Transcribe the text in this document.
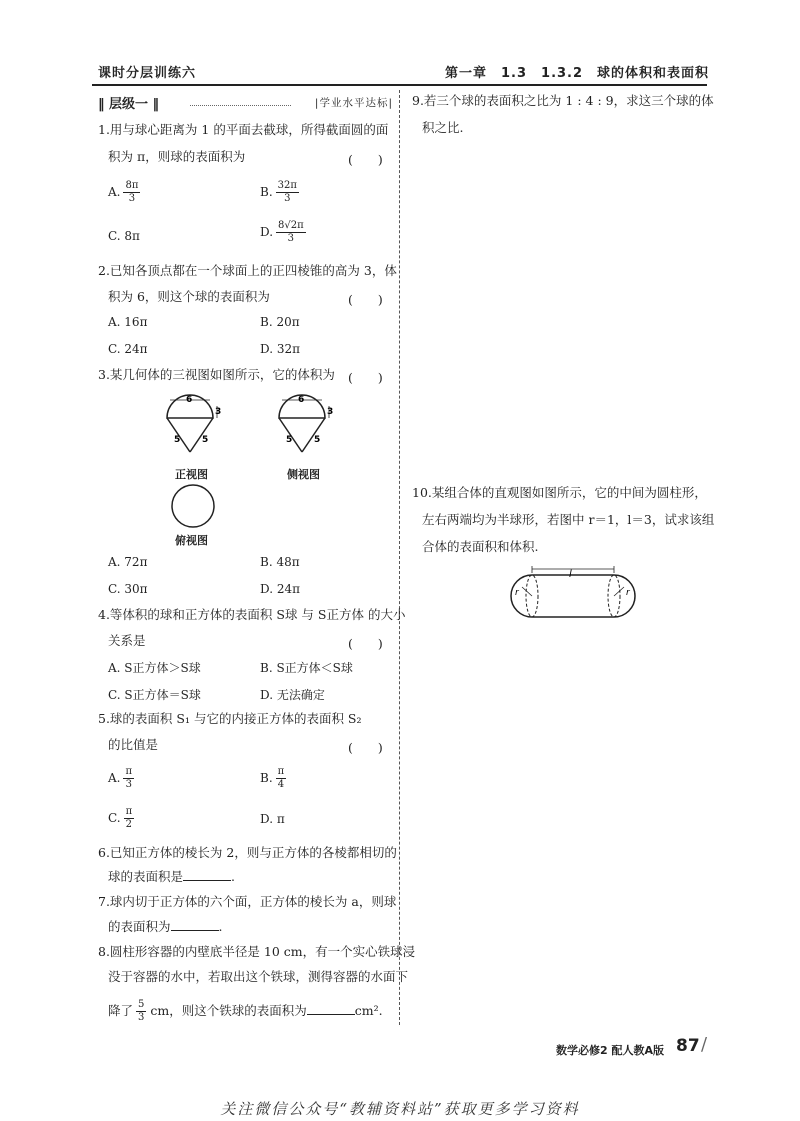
课时分层训练六	第一章　1.3　1.3.2　球的体积和表面积
‖ 层级一 ‖	|学业水平达标|
1.用与球心距离为 1 的平面去截球，所得截面圆的面
积为 π，则球的表面积为	(　　)
A. $\frac{8\pi}{3}$	B. $\frac{32\pi}{3}$
C. 8π	D. $\frac{8√2\pi}{3}$
2.已知各顶点都在一个球面上的正四棱锥的高为 3，体
积为 6，则这个球的表面积为	(　　)
A. 16π	B. 20π
C. 24π	D. 32π
3.某几何体的三视图如图所示，它的体积为 (　　)
6
3
5 5
6
3
5 5
正视图	侧视图
俯视图
A. 72π	B. 48π
C. 30π	D. 24π
4.等体积的球和正方体的表面积 S球 与 S正方体 的大小
关系是	(　　)
A. S正方体＞S球	B. S正方体＜S球
C. S正方体＝S球	D. 无法确定
5.球的表面积 S₁ 与它的内接正方体的表面积 S₂
的比值是	(　　)
A. $\frac{\pi}{3}$	B. $\frac{\pi}{4}$
C. $\frac{\pi}{2}$	D. π
6.已知正方体的棱长为 2，则与正方体的各棱都相切的
球的表面积是	.
7.球内切于正方体的六个面，正方体的棱长为 a，则球
的表面积为	.
8.圆柱形容器的内壁底半径是 10 cm，有一个实心铁球浸
没于容器的水中，若取出这个铁球，测得容器的水面下
降了 $\frac{5}{3}$ cm，则这个铁球的表面积为	cm².
9.若三个球的表面积之比为 1 : 4 : 9，求这三个球的体
积之比.
10.某组合体的直观图如图所示，它的中间为圆柱形，
左右两端均为半球形，若图中 r＝1，l＝3，试求该组
合体的表面积和体积.
l
r	r
数学必修2 配人教A版 87 /
关注微信公众号“教辅资料站”获取更多学习资料
